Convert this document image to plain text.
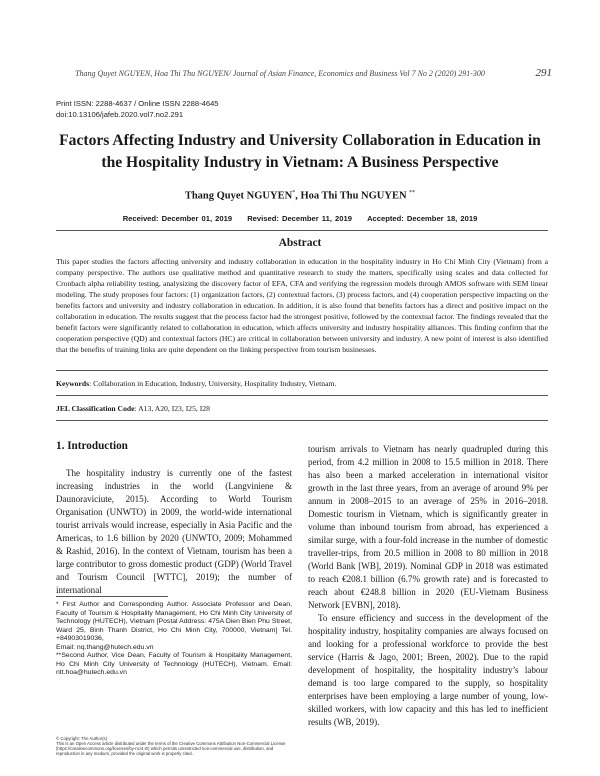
Thang Quyet NGUYEN, Hoa Thi Thu NGUYEN/ Journal of Asian Finance, Economics and Business Vol 7 No 2 (2020) 291-300	291
Print ISSN: 2288-4637 / Online ISSN 2288-4645
doi:10.13106/jafeb.2020.vol7.no2.291
Factors Affecting Industry and University Collaboration in Education in the Hospitality Industry in Vietnam: A Business Perspective
Thang Quyet NGUYEN*, Hoa Thi Thu NGUYEN **
Received: December 01, 2019 Revised: December 11, 2019 Accepted: December 18, 2019
Abstract
This paper studies the factors affecting university and industry collaboration in education in the hospitality industry in Ho Chi Minh City (Vietnam) from a company perspective. The authors use qualitative method and quantitative research to study the matters, specifically using scales and data collected for Cronbach alpha reliability testing, analysizing the discovery factor of EFA, CFA and verifying the regression models through AMOS software with SEM linear modeling. The study proposes four factors: (1) organization factors, (2) contextual factors, (3) process factors, and (4) cooperation perspective impacting on the benefits factors and university and industry collaboration in education. In addition, it is also found that benefits factors has a direct and positive impact on the collaboration in education. The results suggest that the process factor had the strongest positive, followed by the contextual factor. The findings revealed that the benefit factors were significantly related to collaboration in education, which affects university and industry hospitality alliances. This finding confirm that the cooperation perspective (QD) and contextual factors (HC) are critical in collaboration between university and industry. A new point of interest is also identified that the benefits of training links are quite dependent on the linking perspective from tourism businesses.
Keywords: Collaboration in Education, Industry, University, Hospitality Industry, Vietnam.
JEL Classification Code: A13, A20, I23, I25, I28
1. Introduction

The hospitality industry is currently one of the fastest increasing industries in the world (Langviniene & Daunoraviciute, 2015). According to World Tourism Organisation (UNWTO) in 2009, the world-wide international tourist arrivals would increase, especially in Asia Pacific and the Americas, to 1.6 billion by 2020 (UNWTO, 2009; Mohammed & Rashid, 2016). In the context of Vietnam, tourism has been a large contributor to gross domestic product (GDP) (World Travel and Tourism Council [WTTC], 2019); the number of international

tourism arrivals to Vietnam has nearly quadrupled during this period, from 4.2 million in 2008 to 15.5 million in 2018. There has also been a marked acceleration in international visitor growth in the last three years, from an average of around 9% per annum in 2008–2015 to an average of 25% in 2016–2018. Domestic tourism in Vietnam, which is significantly greater in volume than inbound tourism from abroad, has experienced a similar surge, with a four-fold increase in the number of domestic traveller-trips, from 20.5 million in 2008 to 80 million in 2018 (World Bank [WB], 2019). Nominal GDP in 2018 was estimated to reach €208.1 billion (6.7% growth rate) and is forecasted to reach about €248.8 billion in 2020 (EU-Vietnam Business Network [EVBN], 2018).

To ensure efficiency and success in the development of the hospitality industry, hospitality companies are always focused on and looking for a professional workforce to provide the best service (Harris & Jago, 2001; Breen, 2002). Due to the rapid development of hospitality, the hospitality industry’s labour demand is too large compared to the supply, so hospitality enterprises have been employing a large number of young, low-skilled workers, with low capacity and this has led to inefficient results (WB, 2019).

* First Author and Corresponding Author. Associate Professor and Dean, Faculty of Tourism & Hospitality Management, Ho Chi Minh City University of Technology (HUTECH), Vietnam [Postal Address: 475A Dien Bien Phu Street, Ward 25, Binh Thanh District, Ho Chi Minh City, 700000, Vietnam] Tel. +84903019036,

Email: nq.thang@hutech.edu.vn

**Second Author, Vice Dean, Faculty of Tourism & Hospitality Management, Ho Chi Minh City University of Technology (HUTECH), Vietnam. Email: ntt.hoa@hutech.edu.vn

© Copyright: The Author(s)

This is an Open Access article distributed under the terms of the Creative Commons Attribution Non-Commercial License (https://creativecommons.org/licenses/by-nc/4.0/) which permits unrestricted non-commercial use, distribution, and reproduction in any medium, provided the original work is properly cited.
